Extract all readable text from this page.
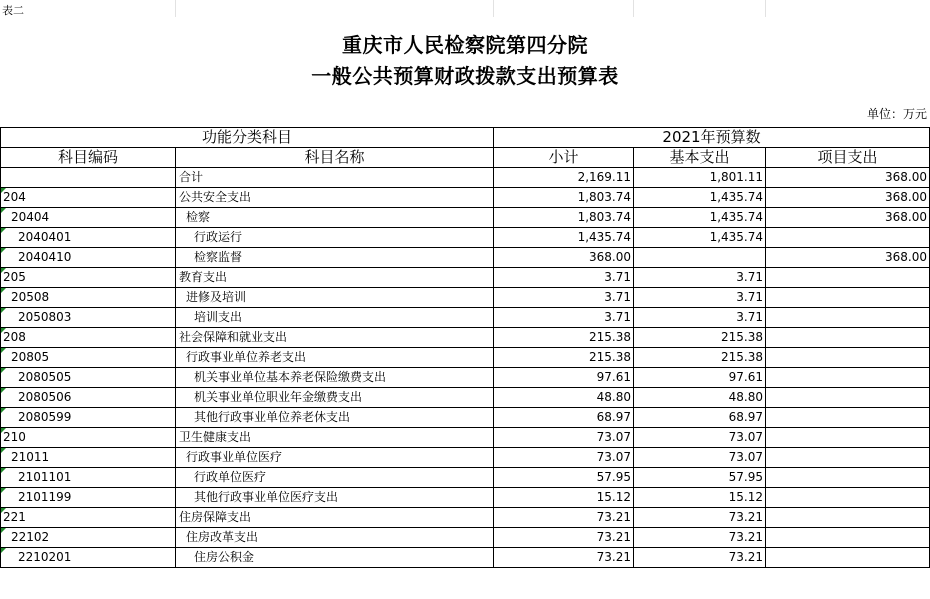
表二
重庆市人民检察院第四分院
一般公共预算财政拨款支出预算表
单位：万元
功能分类科目		2021年预算数		
科目编码	科目名称	小计	基本支出	项目支出
	合计	2,169.11	1,801.11	368.00

204	公共安全支出	1,803.74	1,435.74	368.00

20404	检察	1,803.74	1,435.74	368.00

2040401	行政运行	1,435.74	1,435.74	

2040410	检察监督	368.00		368.00

205	教育支出	3.71	3.71	

20508	进修及培训	3.71	3.71	

2050803	培训支出	3.71	3.71	

208	社会保障和就业支出	215.38	215.38	

20805	行政事业单位养老支出	215.38	215.38	

2080505	机关事业单位基本养老保险缴费支出	97.61	97.61	

2080506	机关事业单位职业年金缴费支出	48.80	48.80	

2080599	其他行政事业单位养老休支出	68.97	68.97	

210	卫生健康支出	73.07	73.07	

21011	行政事业单位医疗	73.07	73.07	

2101101	行政单位医疗	57.95	57.95	

2101199	其他行政事业单位医疗支出	15.12	15.12	

221	住房保障支出	73.21	73.21	

22102	住房改革支出	73.21	73.21	

2210201	住房公积金	73.21	73.21	
